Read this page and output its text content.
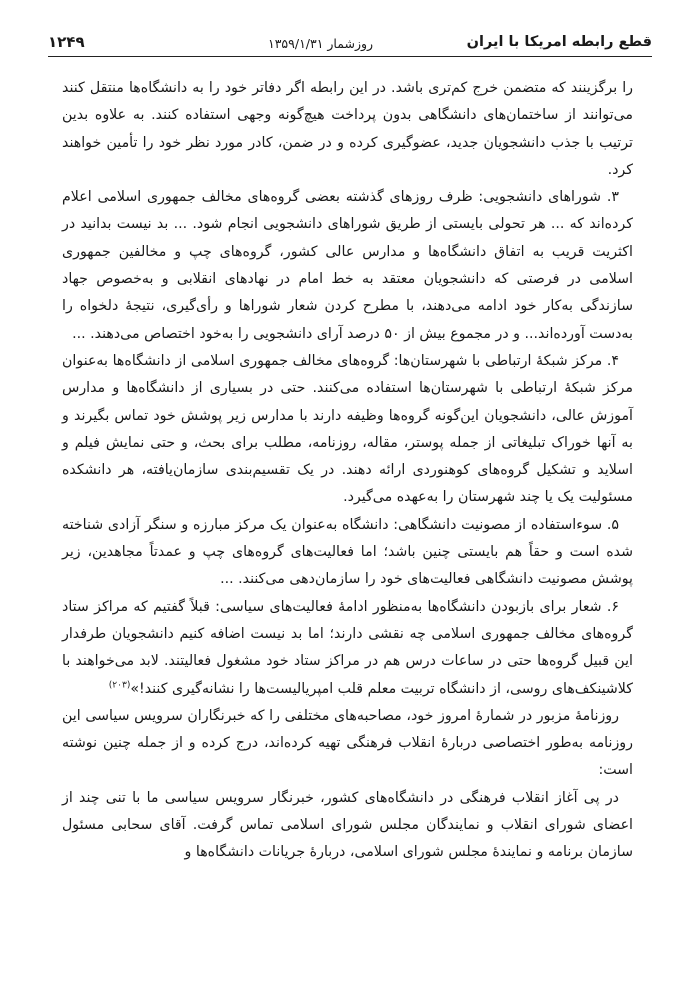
قطع رابطه امریکا با ایران
روزشمار ۱۳۵۹/۱/۳۱
۱۲۴۹

را برگزینند که متضمن خرج کم‌تری باشد. در این رابطه اگر دفاتر خود را به دانشگاه‌ها منتقل کنند می‌توانند از ساختمان‌های دانشگاهی بدون پرداخت هیچ‌گونه وجهی استفاده کنند. به علاوه بدین ترتیب با جذب دانشجویان جدید، عضوگیری کرده و در ضمن، کادر مورد نظر خود را تأمین خواهند کرد.

۳. شوراهای دانشجویی: ظرف روزهای گذشته بعضی گروه‌های مخالف جمهوری اسلامی اعلام کرده‌اند که ... هر تحولی بایستی از طریق شوراهای دانشجویی انجام شود. ... بد نیست بدانید در اکثریت قریب به اتفاق دانشگاه‌ها و مدارس عالی کشور، گروه‌های چپ و مخالفین جمهوری اسلامی در فرصتی که دانشجویان معتقد به خط امام در نهادهای انقلابی و به‌خصوص جهاد سازندگی به‌کار خود ادامه می‌دهند، با مطرح کردن شعار شوراها و رأی‌گیری، نتیجهٔ دلخواه را به‌دست آورده‌اند... و در مجموع بیش از ۵۰ درصد آرای دانشجویی را به‌خود اختصاص می‌دهند. ...

۴. مرکز شبکهٔ ارتباطی با شهرستان‌ها: گروه‌های مخالف جمهوری اسلامی از دانشگاه‌ها به‌عنوان مرکز شبکهٔ ارتباطی با شهرستان‌ها استفاده می‌کنند. حتی در بسیاری از دانشگاه‌ها و مدارس آموزش عالی، دانشجویان این‌گونه گروه‌ها وظیفه دارند با مدارس زیر پوشش خود تماس بگیرند و به آنها خوراک تبلیغاتی از جمله پوستر، مقاله، روزنامه، مطلب برای بحث، و حتی نمایش فیلم و اسلاید و تشکیل گروه‌های کوهنوردی ارائه دهند. در یک تقسیم‌بندی سازمان‌یافته، هر دانشکده مسئولیت یک یا چند شهرستان را به‌عهده می‌گیرد.

۵. سوءاستفاده از مصونیت دانشگاهی: دانشگاه به‌عنوان یک مرکز مبارزه و سنگر آزادی شناخته شده است و حقاً هم بایستی چنین باشد؛ اما فعالیت‌های گروه‌های چپ و عمدتاً مجاهدین، زیر پوشش مصونیت دانشگاهی فعالیت‌های خود را سازمان‌دهی می‌کنند. ...

۶. شعار برای بازبودن دانشگاه‌ها به‌منظور ادامهٔ فعالیت‌های سیاسی: قبلاً گفتیم که مراکز ستاد گروه‌های مخالف جمهوری اسلامی چه نقشی دارند؛ اما بد نیست اضافه کنیم دانشجویان طرفدار این قبیل گروه‌ها حتی در ساعات درس هم در مراکز ستاد خود مشغول فعالیتند. لابد می‌خواهند با کلاشینکف‌های روسی، از دانشگاه تربیت معلم قلب امپریالیست‌ها را نشانه‌گیری کنند!»$^{(۲۰۳)}$

روزنامهٔ مزبور در شمارهٔ امروز خود، مصاحبه‌های مختلفی را که خبرنگاران سرویس سیاسی این روزنامه به‌طور اختصاصی دربارهٔ انقلاب فرهنگی تهیه کرده‌اند، درج کرده و از جمله چنین نوشته است:

در پی آغاز انقلاب فرهنگی در دانشگاه‌های کشور، خبرنگار سرویس سیاسی ما با تنی چند از اعضای شورای انقلاب و نمایندگان مجلس شورای اسلامی تماس گرفت. آقای سحابی مسئول سازمان برنامه و نمایندهٔ مجلس شورای اسلامی، دربارهٔ جریانات دانشگاه‌ها و
